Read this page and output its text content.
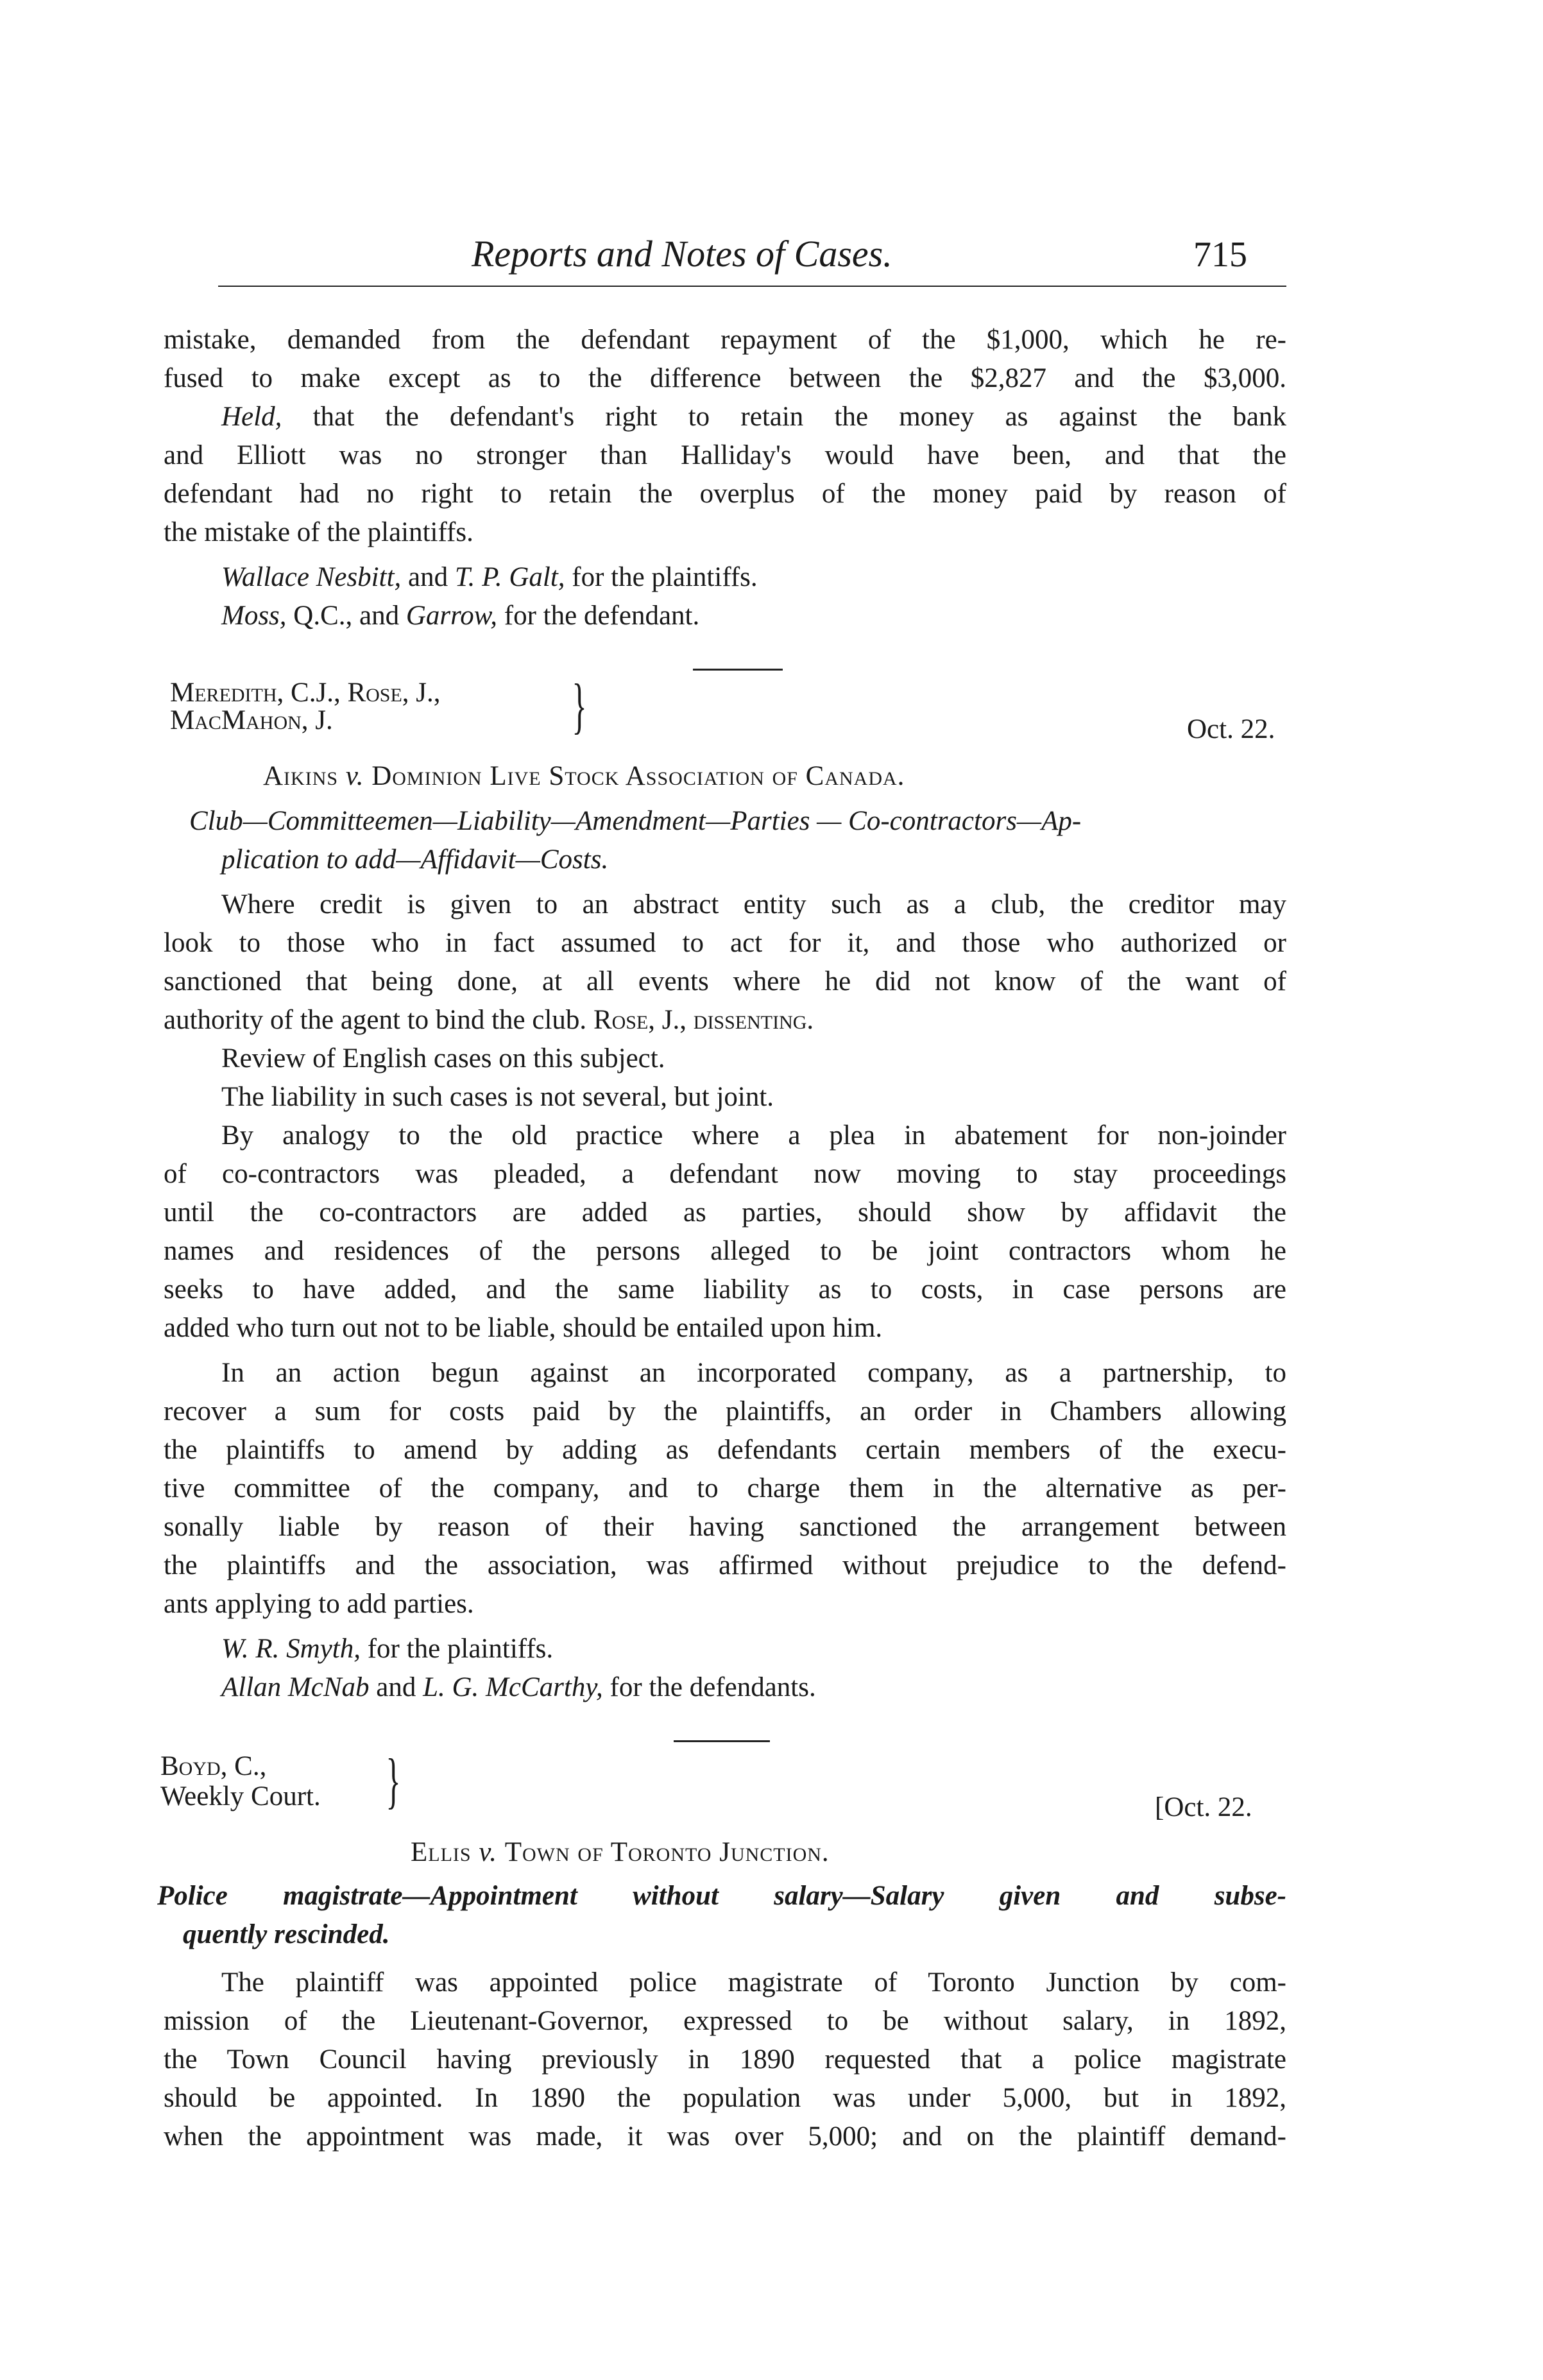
Reports and Notes of Cases.	715
mistake, demanded from the defendant repayment of the $1,000, which he re-
fused to make except as to the difference between the $2,827 and the $3,000.
Held, that the defendant's right to retain the money as against the bank
and Elliott was no stronger than Halliday's would have been, and that the
defendant had no right to retain the overplus of the money paid by reason of
the mistake of the plaintiffs.
Wallace Nesbitt, and T. P. Galt, for the plaintiffs.
Moss, Q.C., and Garrow, for the defendant.
Meredith, C.J., Rose, J.,
MacMahon, J.	}	Oct. 22.
Aikins v. Dominion Live Stock Association of Canada.
Club—Committeemen—Liability—Amendment—Parties — Co-contractors—Ap-
plication to add—Affidavit—Costs.
Where credit is given to an abstract entity such as a club, the creditor may
look to those who in fact assumed to act for it, and those who authorized or
sanctioned that being done, at all events where he did not know of the want of
authority of the agent to bind the club. Rose, J., dissenting.
Review of English cases on this subject.
The liability in such cases is not several, but joint.
By analogy to the old practice where a plea in abatement for non-joinder
of co-contractors was pleaded, a defendant now moving to stay proceedings
until the co-contractors are added as parties, should show by affidavit the
names and residences of the persons alleged to be joint contractors whom he
seeks to have added, and the same liability as to costs, in case persons are
added who turn out not to be liable, should be entailed upon him.
In an action begun against an incorporated company, as a partnership, to
recover a sum for costs paid by the plaintiffs, an order in Chambers allowing
the plaintiffs to amend by adding as defendants certain members of the execu-
tive committee of the company, and to charge them in the alternative as per-
sonally liable by reason of their having sanctioned the arrangement between
the plaintiffs and the association, was affirmed without prejudice to the defend-
ants applying to add parties.
W. R. Smyth, for the plaintiffs.
Allan McNab and L. G. McCarthy, for the defendants.
Boyd, C.,
Weekly Court. }	[Oct. 22.
Ellis v. Town of Toronto Junction.
Police magistrate—Appointment without salary—Salary given and subse-
quently rescinded.
The plaintiff was appointed police magistrate of Toronto Junction by com-
mission of the Lieutenant-Governor, expressed to be without salary, in 1892,
the Town Council having previously in 1890 requested that a police magistrate
should be appointed. In 1890 the population was under 5,000, but in 1892,
when the appointment was made, it was over 5,000; and on the plaintiff demand-
